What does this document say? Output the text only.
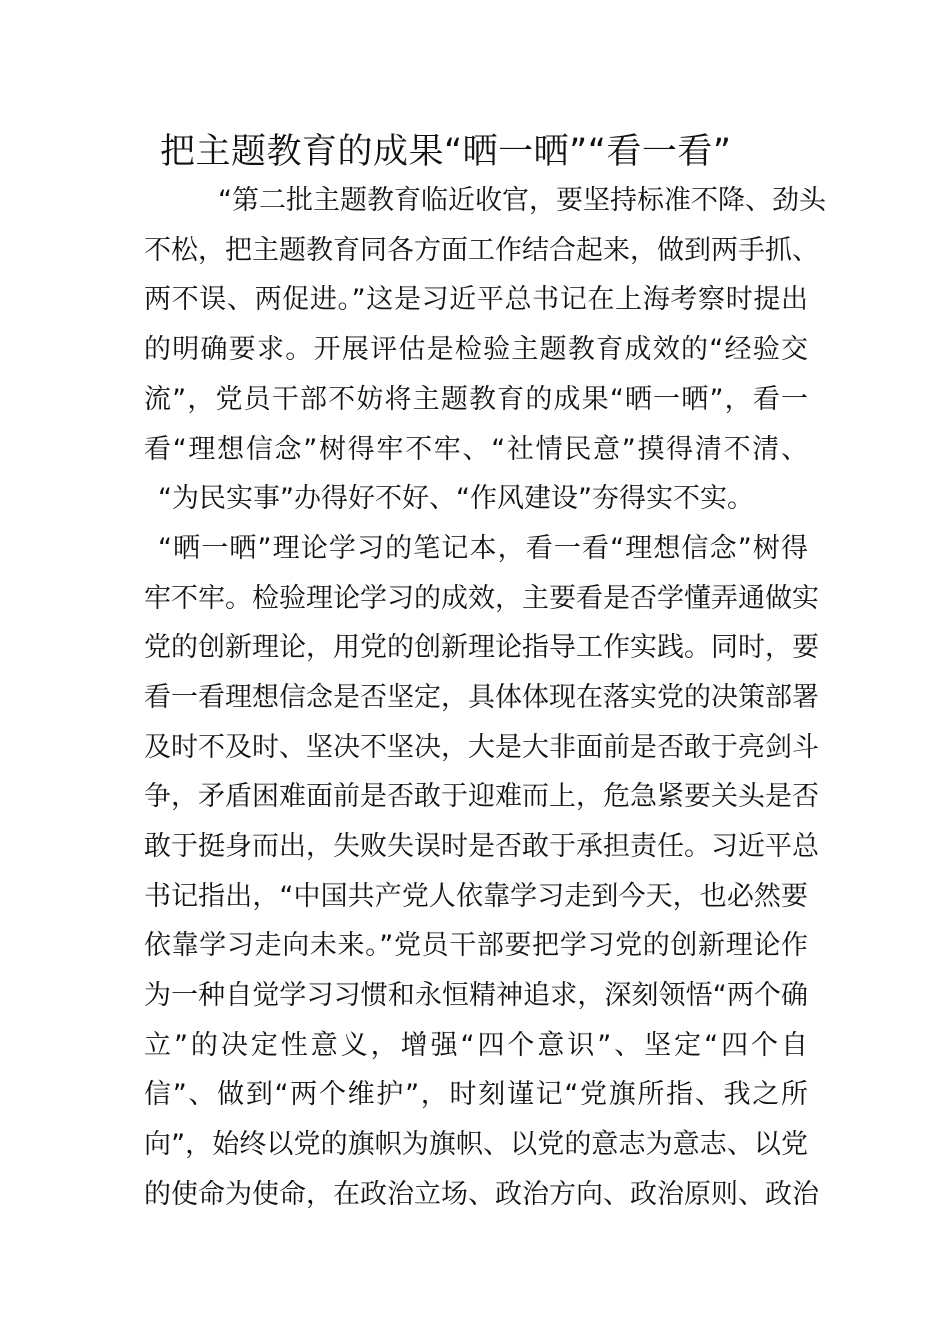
把主题教育的成果“晒一晒”“看一看”
“第二批主题教育临近收官，要坚持标准不降、劲头
不松，把主题教育同各方面工作结合起来，做到两手抓、
两不误、两促进。”这是习近平总书记在上海考察时提出
的明确要求。开展评估是检验主题教育成效的“经验交
流”，党员干部不妨将主题教育的成果“晒一晒”，看一
看“理想信念”树得牢不牢、“社情民意”摸得清不清、
“为民实事”办得好不好、“作风建设”夯得实不实。
“晒一晒”理论学习的笔记本，看一看“理想信念”树得
牢不牢。检验理论学习的成效，主要看是否学懂弄通做实
党的创新理论，用党的创新理论指导工作实践。同时，要
看一看理想信念是否坚定，具体体现在落实党的决策部署
及时不及时、坚决不坚决，大是大非面前是否敢于亮剑斗
争，矛盾困难面前是否敢于迎难而上，危急紧要关头是否
敢于挺身而出，失败失误时是否敢于承担责任。习近平总
书记指出，“中国共产党人依靠学习走到今天，也必然要
依靠学习走向未来。”党员干部要把学习党的创新理论作
为一种自觉学习习惯和永恒精神追求，深刻领悟“两个确
立”的决定性意义，增强“四个意识”、坚定“四个自
信”、做到“两个维护”，时刻谨记“党旗所指、我之所
向”，始终以党的旗帜为旗帜、以党的意志为意志、以党
的使命为使命，在政治立场、政治方向、政治原则、政治
